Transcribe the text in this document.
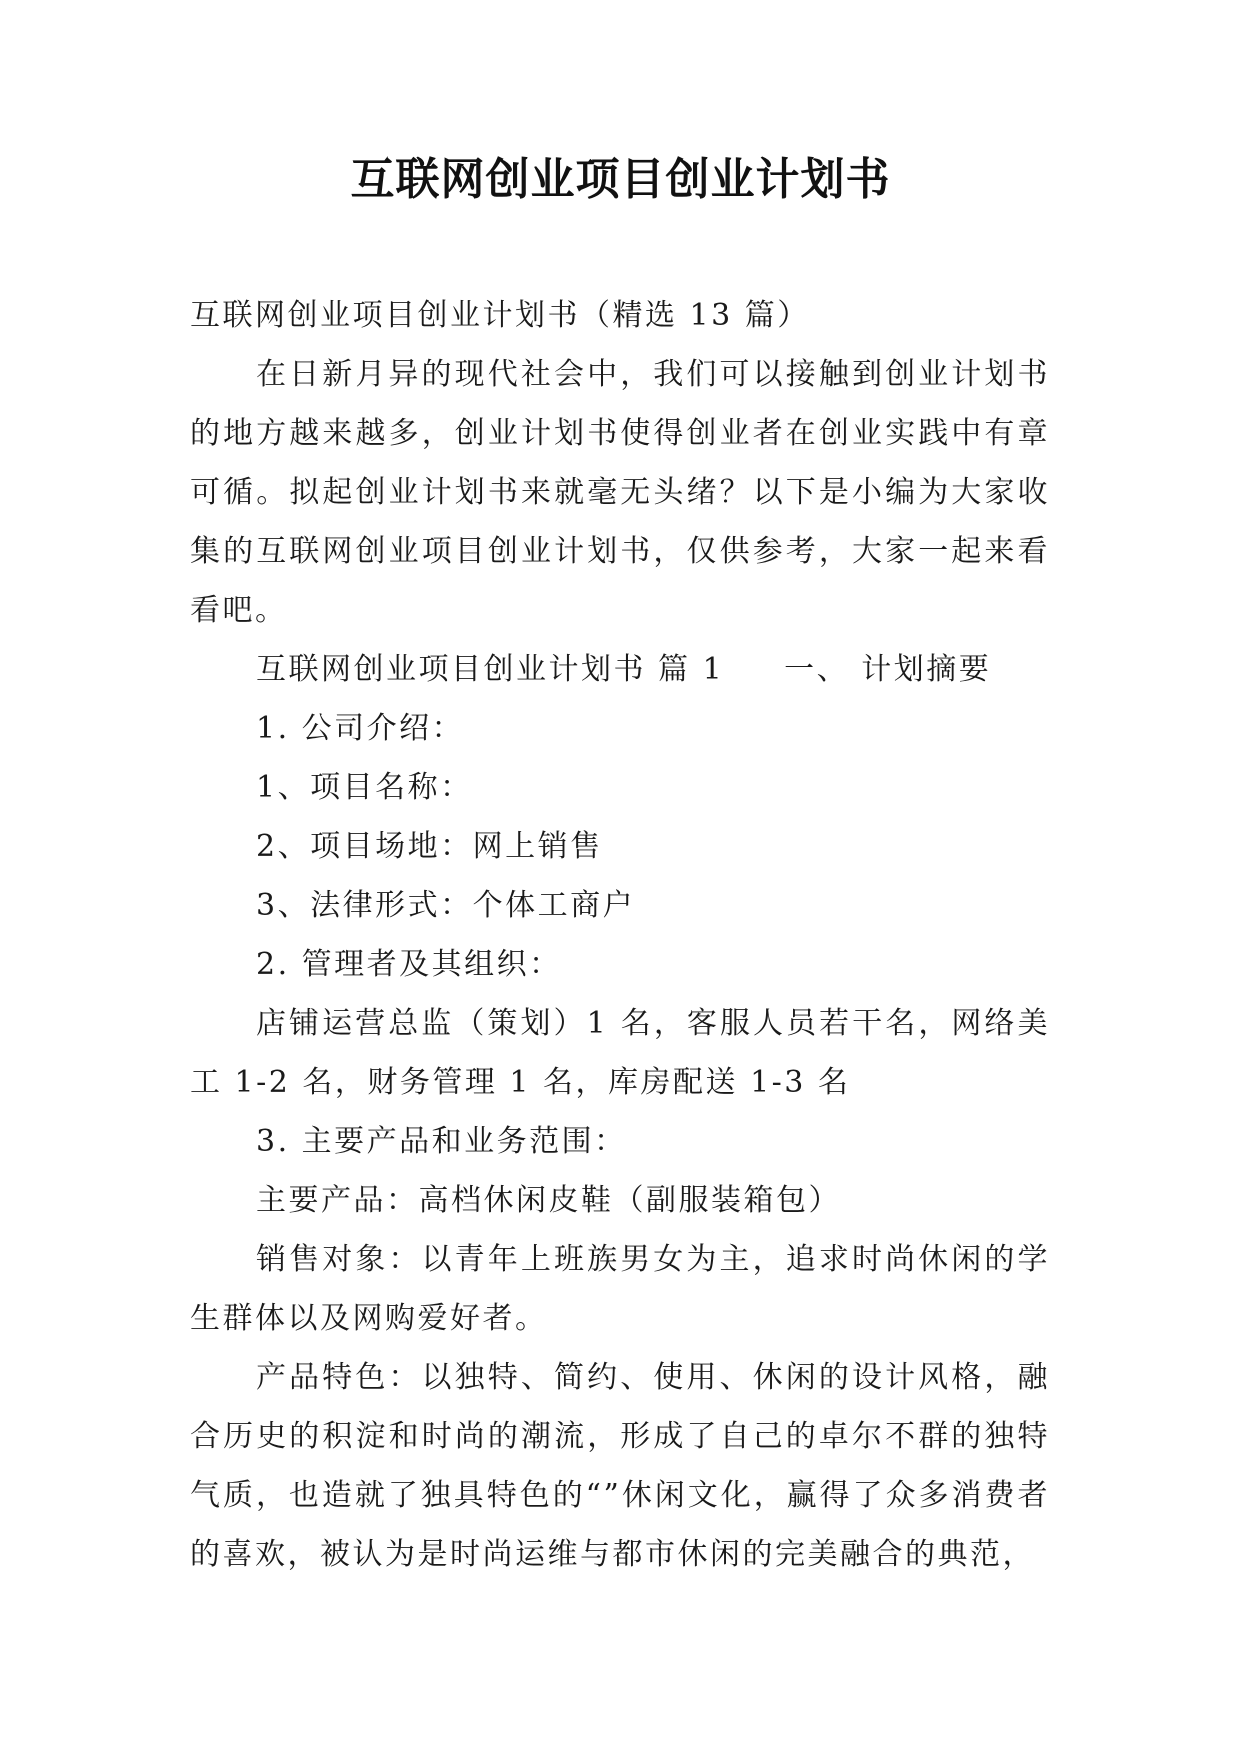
互联网创业项目创业计划书

互联网创业项目创业计划书（精选 13 篇）

在日新月异的现代社会中，我们可以接触到创业计划书的地方越来越多，创业计划书使得创业者在创业实践中有章可循。拟起创业计划书来就毫无头绪？以下是小编为大家收集的互联网创业项目创业计划书，仅供参考，大家一起来看看吧。

互联网创业项目创业计划书 篇 1 一、 计划摘要

1. 公司介绍：

1、项目名称：

2、项目场地：网上销售

3、法律形式：个体工商户

2. 管理者及其组织：

店铺运营总监（策划）1 名，客服人员若干名，网络美工 1-2 名，财务管理 1 名，库房配送 1-3 名

3. 主要产品和业务范围：

主要产品：高档休闲皮鞋（副服装箱包）

销售对象：以青年上班族男女为主，追求时尚休闲的学生群体以及网购爱好者。

产品特色：以独特、简约、使用、休闲的设计风格，融合历史的积淀和时尚的潮流，形成了自己的卓尔不群的独特气质，也造就了独具特色的“”休闲文化，赢得了众多消费者的喜欢，被认为是时尚运维与都市休闲的完美融合的典范，
